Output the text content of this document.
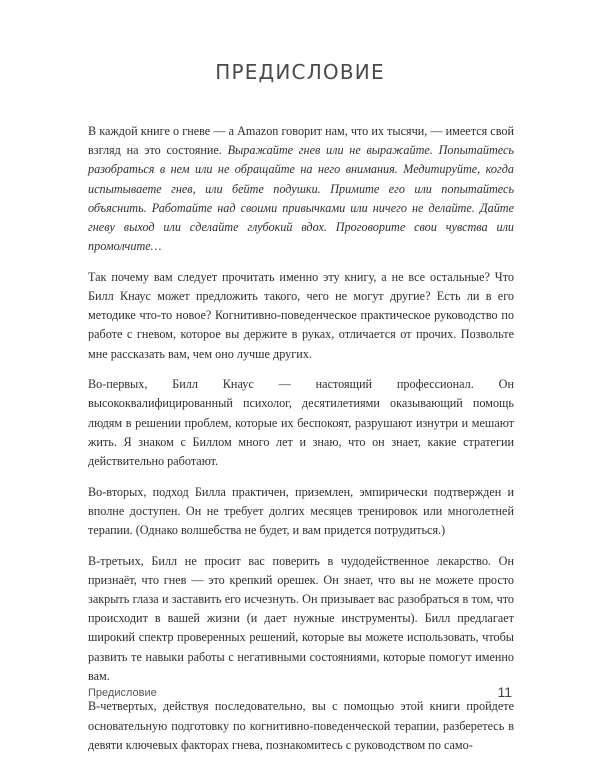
ПРЕДИСЛОВИЕ

В каждой книге о гневе — а Amazon говорит нам, что их тысячи, — имеется свой взгляд на это состояние. Выражайте гнев или не выражайте. Попытайтесь разобраться в нем или не обращайте на него внимания. Медитируйте, когда испытываете гнев, или бейте подушки. Примите его или попытайтесь объяснить. Работайте над своими привычками или ничего не делайте. Дайте гневу выход или сделайте глубокий вдох. Проговорите свои чувства или промолчите…

Так почему вам следует прочитать именно эту книгу, а не все остальные? Что Билл Кнаус может предложить такого, чего не могут другие? Есть ли в его методике что-то новое? Когнитивно-поведенческое практическое руководство по работе с гневом, которое вы держите в руках, отличается от прочих. Позвольте мне рассказать вам, чем оно лучше других.

Во-первых, Билл Кнаус — настоящий профессионал. Он высококвалифицированный психолог, десятилетиями оказывающий помощь людям в решении проблем, которые их беспокоят, разрушают изнутри и мешают жить. Я знаком с Биллом много лет и знаю, что он знает, какие стратегии действительно работают.

Во-вторых, подход Билла практичен, приземлен, эмпирически подтвержден и вполне доступен. Он не требует долгих месяцев тренировок или многолетней терапии. (Однако волшебства не будет, и вам придется потрудиться.)

В-третьих, Билл не просит вас поверить в чудодейственное лекарство. Он признаёт, что гнев — это крепкий орешек. Он знает, что вы не можете просто закрыть глаза и заставить его исчезнуть. Он призывает вас разобраться в том, что происходит в вашей жизни (и дает нужные инструменты). Билл предлагает широкий спектр проверенных решений, которые вы можете использовать, чтобы развить те навыки работы с негативными состояниями, которые помогут именно вам.

В-четвертых, действуя последовательно, вы с помощью этой книги пройдете основательную подготовку по когнитивно-поведенческой терапии, разберетесь в девяти ключевых факторах гнева, познакомитесь с руководством по само-

Предисловие	11
